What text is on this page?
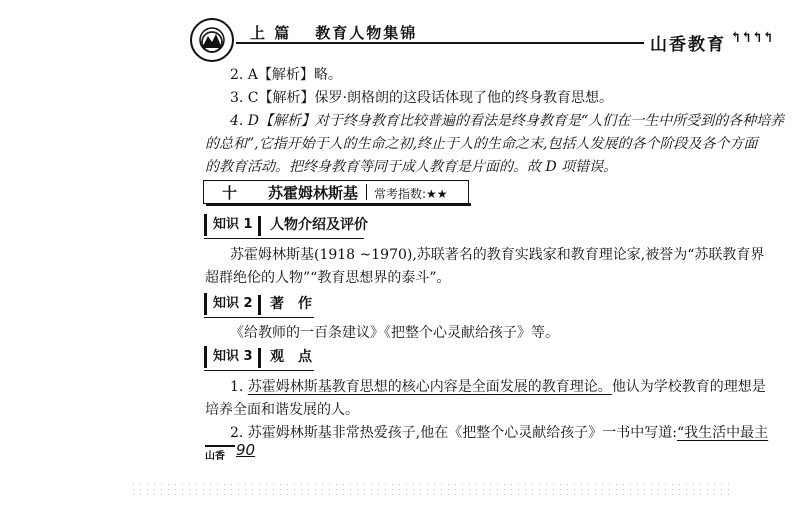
上 篇 教育人物集锦
山香教育 ↰↰↰↰
2. A【解析】略。
3. C【解析】保罗·朗格朗的这段话体现了他的终身教育思想。
4. D【解析】对于终身教育比较普遍的看法是终身教育是“人们在一生中所受到的各种培养
的总和”,它指开始于人的生命之初,终止于人的生命之末,包括人发展的各个阶段及各个方面
的教育活动。把终身教育等同于成人教育是片面的。故 D 项错误。
十 苏霍姆林斯基 常考指数:★★
知识 1	人物介绍及评价
苏霍姆林斯基(1918 ~1970),苏联著名的教育实践家和教育理论家,被誉为“苏联教育界
超群绝伦的人物”“教育思想界的泰斗”。
知识 2	著　作
《给教师的一百条建议》《把整个心灵献给孩子》等。
知识 3	观　点
1. 苏霍姆林斯基教育思想的核心内容是全面发展的教育理论。他认为学校教育的理想是
培养全面和谐发展的人。
2. 苏霍姆林斯基非常热爱孩子,他在《把整个心灵献给孩子》一书中写道:“我生活中最主
山香 90
